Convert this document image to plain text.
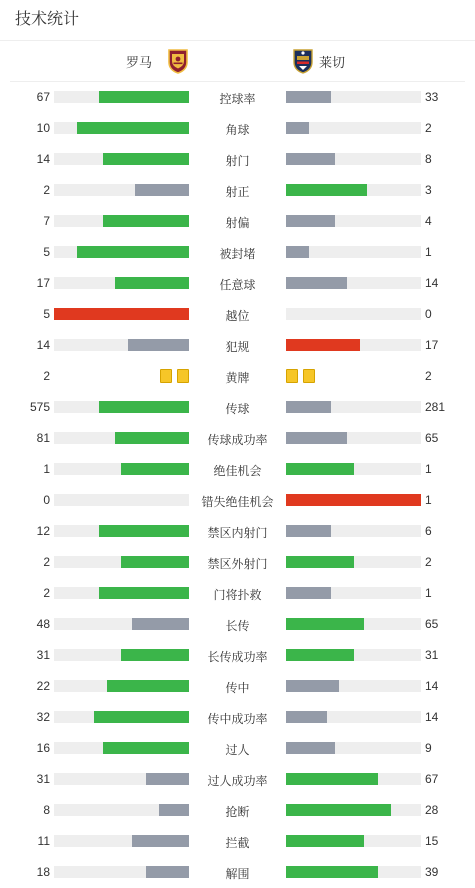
技术统计
罗马	莱切
67	控球率	33
10	角球	2
14	射门	8
2	射正	3
7	射偏	4
5	被封堵	1
17	任意球	14
5	越位	0
14	犯规	17
2	黄牌	2
575	传球	281
81	传球成功率	65
1	绝佳机会	1
0	错失绝佳机会	1
12	禁区内射门	6
2	禁区外射门	2
2	门将扑救	1
48	长传	65
31	长传成功率	31
22	传中	14
32	传中成功率	14
16	过人	9
31	过人成功率	67
8	抢断	28
11	拦截	15
18	解围	39
